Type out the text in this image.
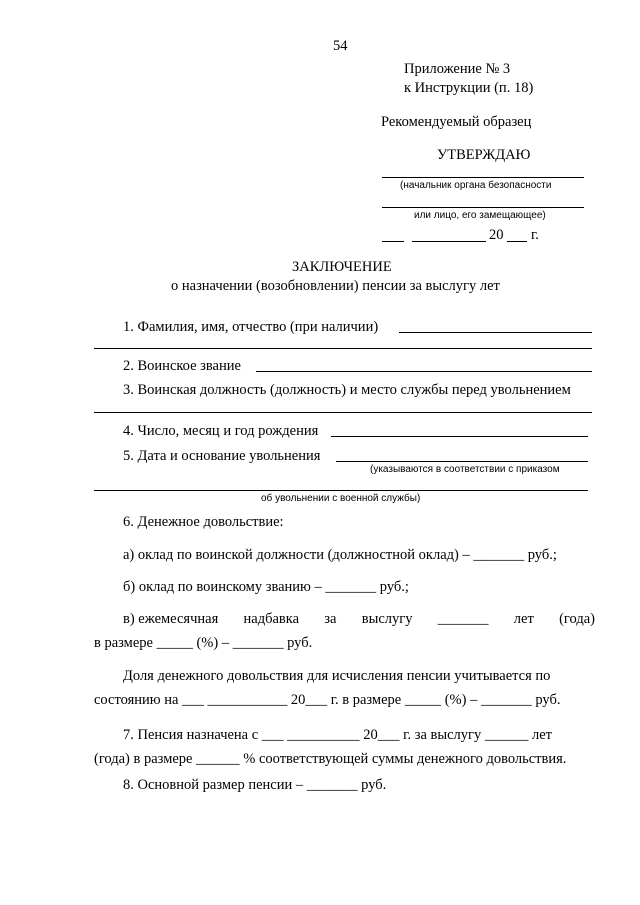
54
Приложение № 3
к Инструкции (п. 18)
Рекомендуемый образец
УТВЕРЖДАЮ
(начальник органа безопасности
или лицо, его замещающее)
20 г.
ЗАКЛЮЧЕНИЕ
о назначении (возобновлении) пенсии за выслугу лет
1. Фамилия, имя, отчество (при наличии)
2. Воинское звание
3. Воинская должность (должность) и место службы перед увольнением
4. Число, месяц и год рождения
5. Дата и основание увольнения
(указываются в соответствии с приказом
об увольнении с военной службы)
6. Денежное довольствие:
а) оклад по воинской должности (должностной оклад) – _______ руб.;
б) оклад по воинскому званию – _______ руб.;
в) ежемесячная надбавка за выслугу _______ лет (года)
в размере _____ (%) – _______ руб.
Доля денежного довольствия для исчисления пенсии учитывается по
состоянию на ___ ___________ 20___ г. в размере _____ (%) – _______ руб.
7. Пенсия назначена с ___ __________ 20___ г. за выслугу ______ лет
(года) в размере ______ % соответствующей суммы денежного довольствия.
8. Основной размер пенсии – _______ руб.
